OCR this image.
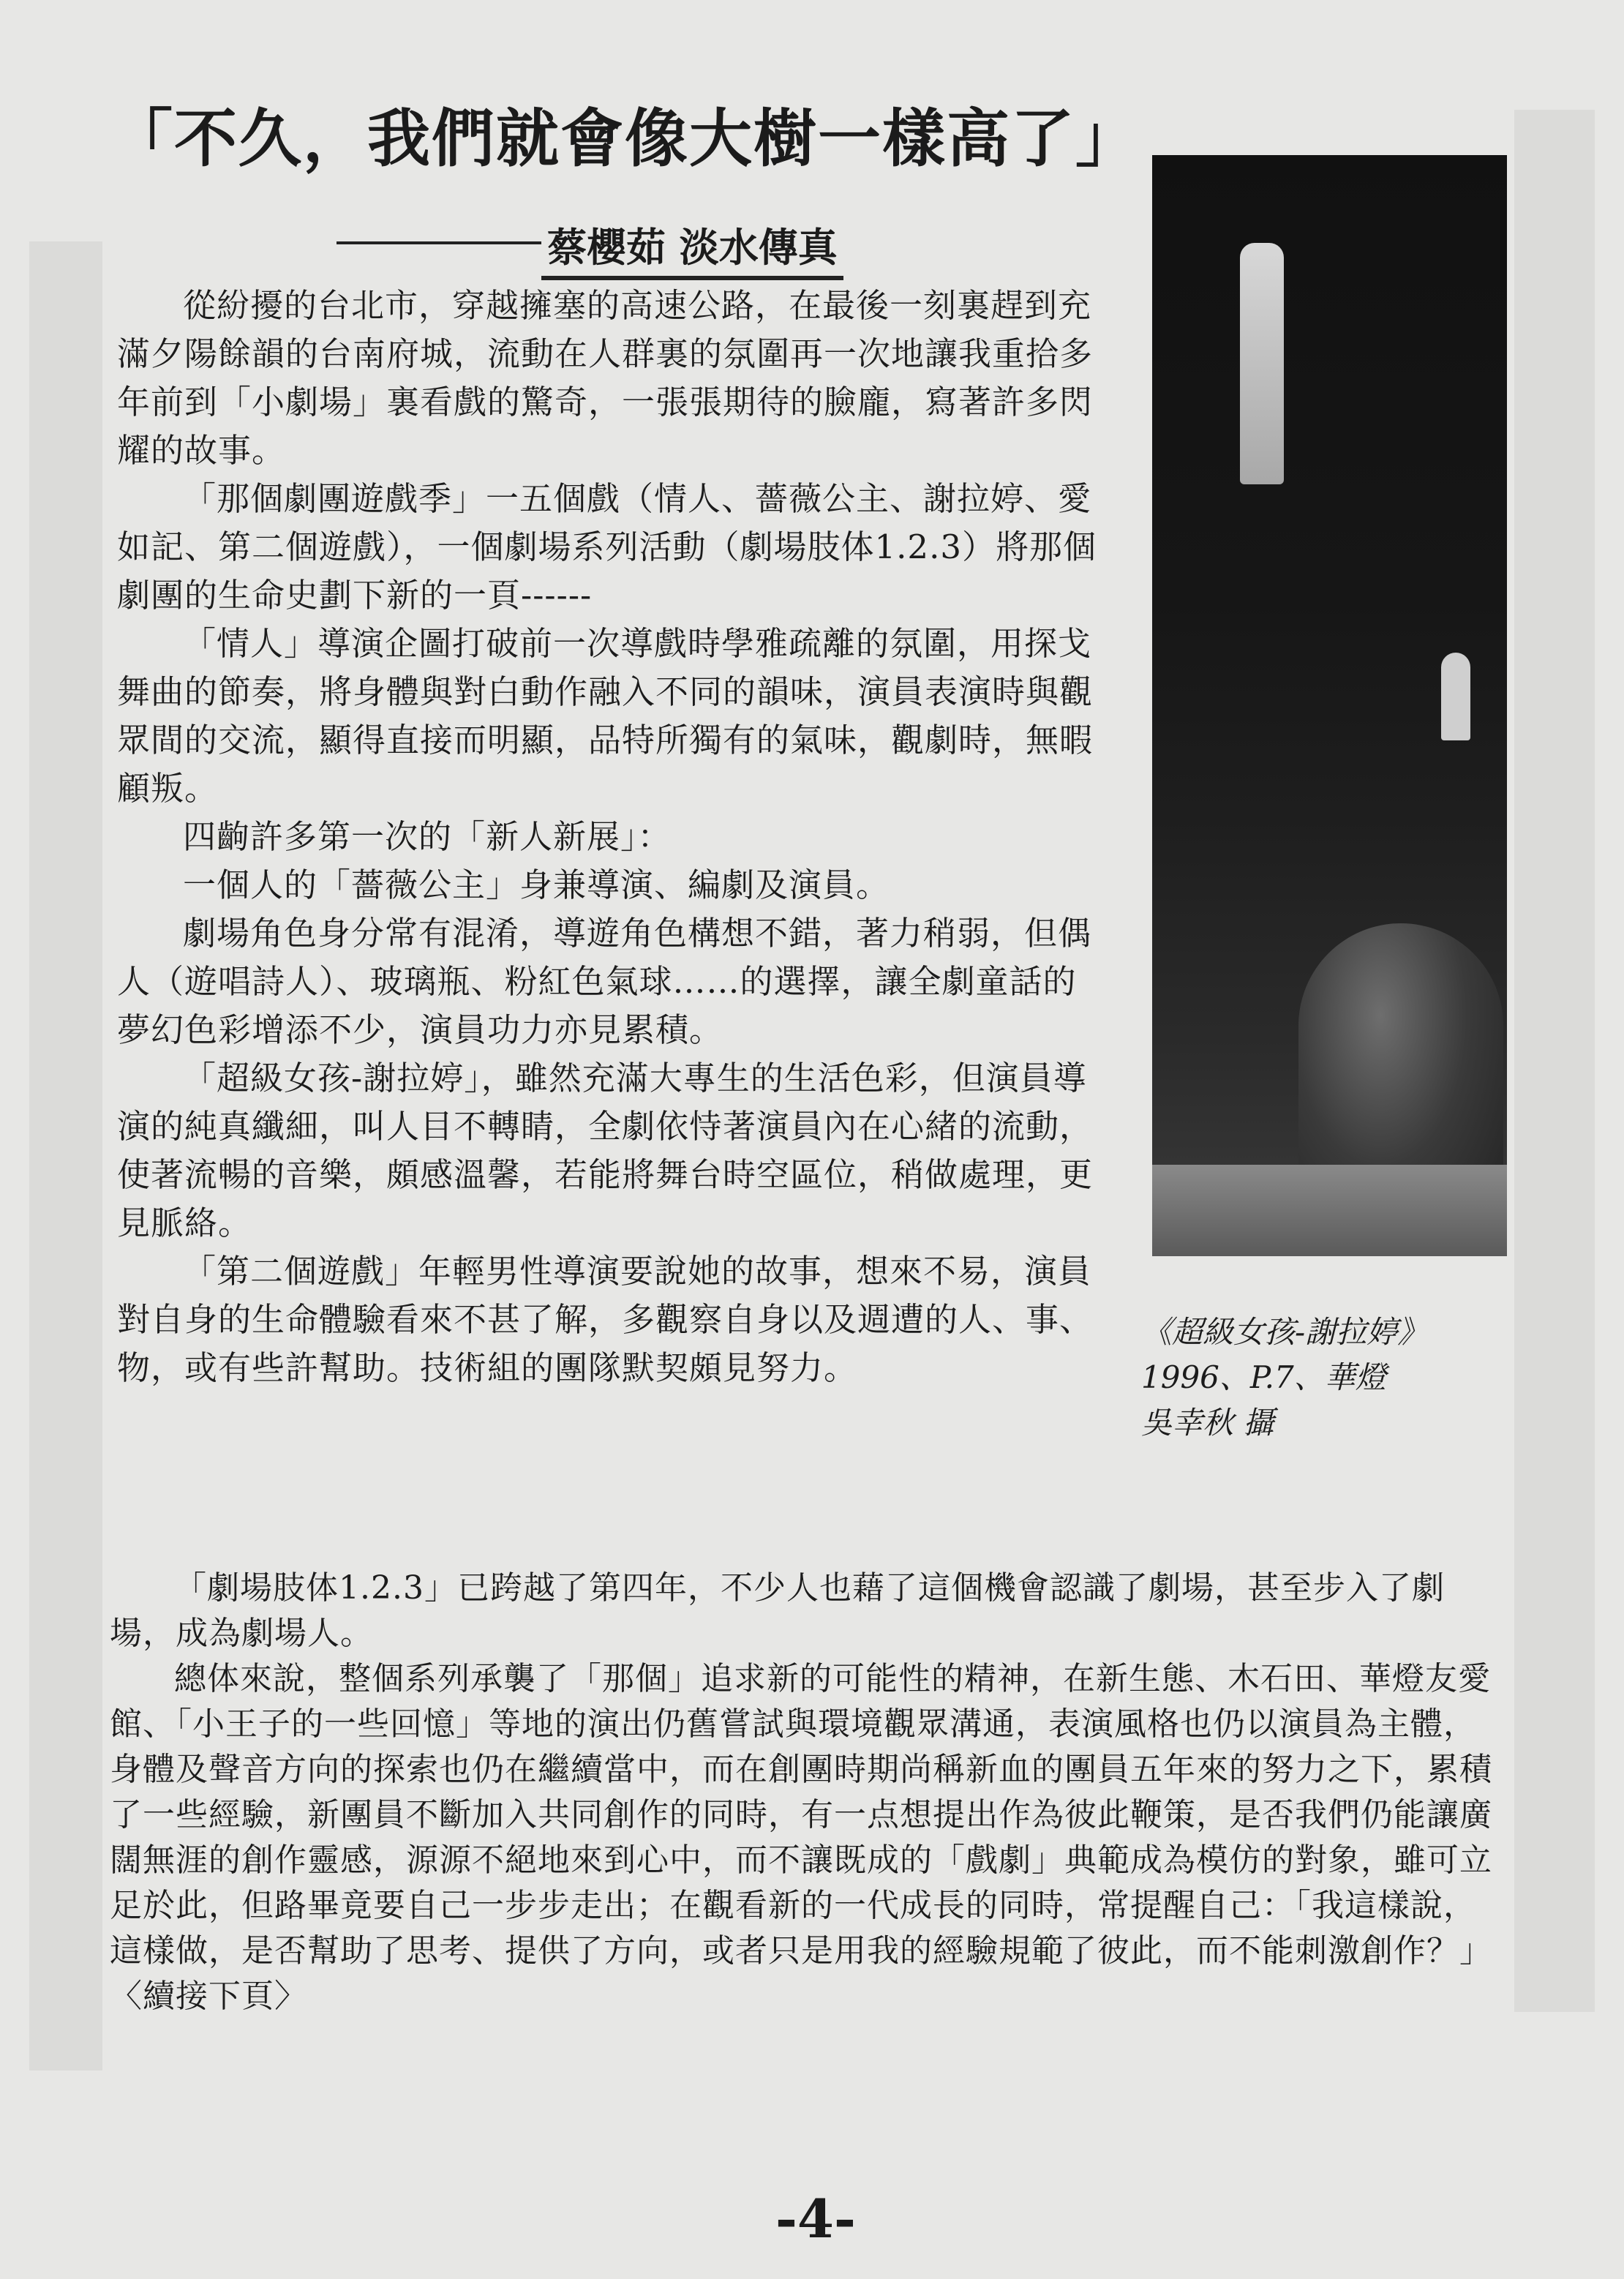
「不久，我們就會像大樹一樣高了」
蔡櫻茹 淡水傳真

從紛擾的台北市，穿越擁塞的高速公路，在最後一刻裏趕到充滿夕陽餘韻的台南府城，流動在人群裏的氛圍再一次地讓我重拾多年前到「小劇場」裏看戲的驚奇，一張張期待的臉龐，寫著許多閃耀的故事。

「那個劇團遊戲季」一五個戲（情人、薔薇公主、謝拉婷、愛如記、第二個遊戲），一個劇場系列活動（劇場肢体1.2.3）將那個劇團的生命史劃下新的一頁------

「情人」導演企圖打破前一次導戲時學雅疏離的氛圍，用探戈舞曲的節奏，將身體與對白動作融入不同的韻味，演員表演時與觀眾間的交流，顯得直接而明顯，品特所獨有的氣味，觀劇時，無暇顧叛。

四齣許多第一次的「新人新展」：

一個人的「薔薇公主」身兼導演、編劇及演員。

劇場角色身分常有混淆，導遊角色構想不錯，著力稍弱，但偶人（遊唱詩人）、玻璃瓶、粉紅色氣球……的選擇，讓全劇童話的夢幻色彩增添不少，演員功力亦見累積。

「超級女孩-謝拉婷」，雖然充滿大專生的生活色彩，但演員導演的純真纖細，叫人目不轉睛，全劇依恃著演員內在心緒的流動，使著流暢的音樂，頗感溫馨，若能將舞台時空區位，稍做處理，更見脈絡。

「第二個遊戲」年輕男性導演要說她的故事，想來不易，演員對自身的生命體驗看來不甚了解，多觀察自身以及週遭的人、事、物，或有些許幫助。技術組的團隊默契頗見努力。

《超級女孩-謝拉婷》
1996、P.7、華燈
吳幸秋 攝

「劇場肢体1.2.3」已跨越了第四年，不少人也藉了這個機會認識了劇場，甚至步入了劇場，成為劇場人。

總体來說，整個系列承襲了「那個」追求新的可能性的精神，在新生態、木石田、華燈友愛館、「小王子的一些回憶」等地的演出仍舊嘗試與環境觀眾溝通，表演風格也仍以演員為主體，身體及聲音方向的探索也仍在繼續當中，而在創團時期尚稱新血的團員五年來的努力之下，累積了一些經驗，新團員不斷加入共同創作的同時，有一点想提出作為彼此鞭策，是否我們仍能讓廣闊無涯的創作靈感，源源不絕地來到心中，而不讓既成的「戲劇」典範成為模仿的對象，雖可立足於此，但路畢竟要自己一步步走出；在觀看新的一代成長的同時，常提醒自己：「我這樣說，這樣做，是否幫助了思考、提供了方向，或者只是用我的經驗規範了彼此，而不能刺激創作？」〈續接下頁〉

-4-
